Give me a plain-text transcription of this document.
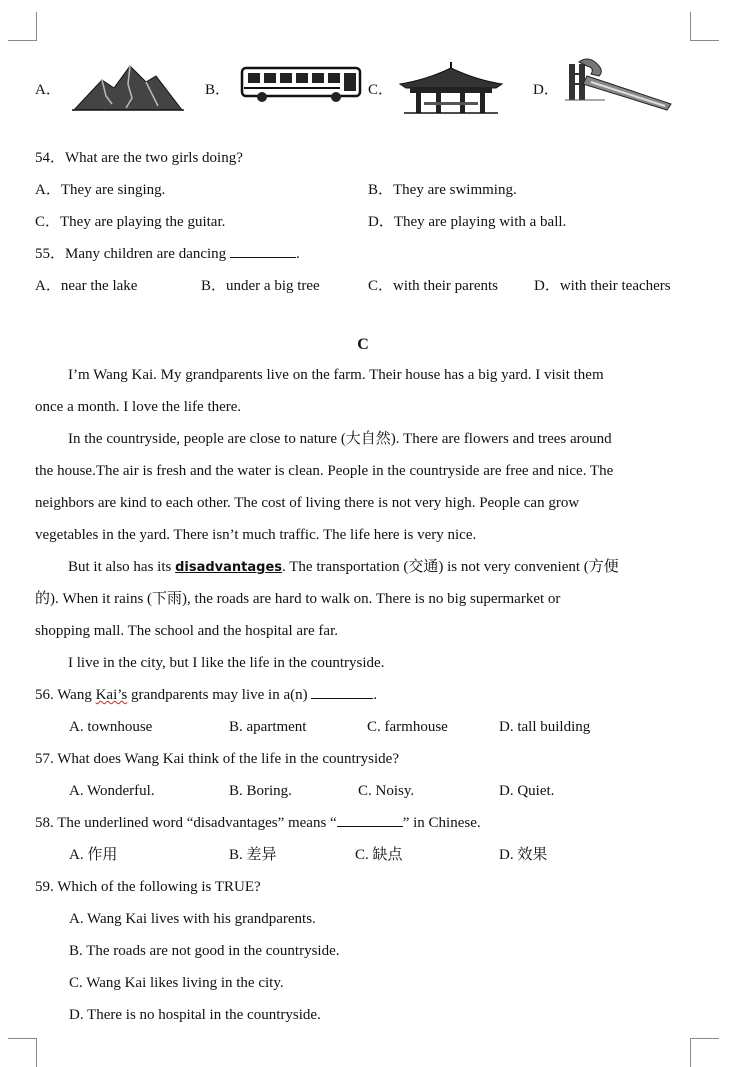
A．	B．	C．	D．
54．What are the two girls doing?
A．They are singing.	B．They are swimming.
C．They are playing the guitar.	D．They are playing with a ball.
55．Many children are dancing	.
A．near the lake	B．under a big tree	C．with their parents D．with their teachers
C
I’m Wang Kai. My grandparents live on the farm. Their house has a big yard. I visit them
once a month. I love the life there.
In the countryside, people are close to nature (大自然). There are flowers and trees around
the house.The air is fresh and the water is clean. People in the countryside are free and nice. The
neighbors are kind to each other. The cost of living there is not very high. People can grow
vegetables in the yard. There isn’t much traffic. The life here is very nice.
But it also has its disadvantages. The transportation (交通) is not very convenient (方便
的). When it rains (下雨), the roads are hard to walk on. There is no big supermarket or
shopping mall. The school and the hospital are far.
I live in the city, but I like the life in the countryside.
56. Wang Kai’s grandparents may live in a(n)	.
A. townhouse	B. apartment	C. farmhouse	D. tall building
57. What does Wang Kai think of the life in the countryside?
A. Wonderful.	B. Boring.	C. Noisy.	D. Quiet.
58. The underlined word “disadvantages” means “	” in Chinese.
A. 作用	B. 差异	C. 缺点	D. 效果
59. Which of the following is TRUE?
A. Wang Kai lives with his grandparents.
B. The roads are not good in the countryside.
C. Wang Kai likes living in the city.
D. There is no hospital in the countryside.
